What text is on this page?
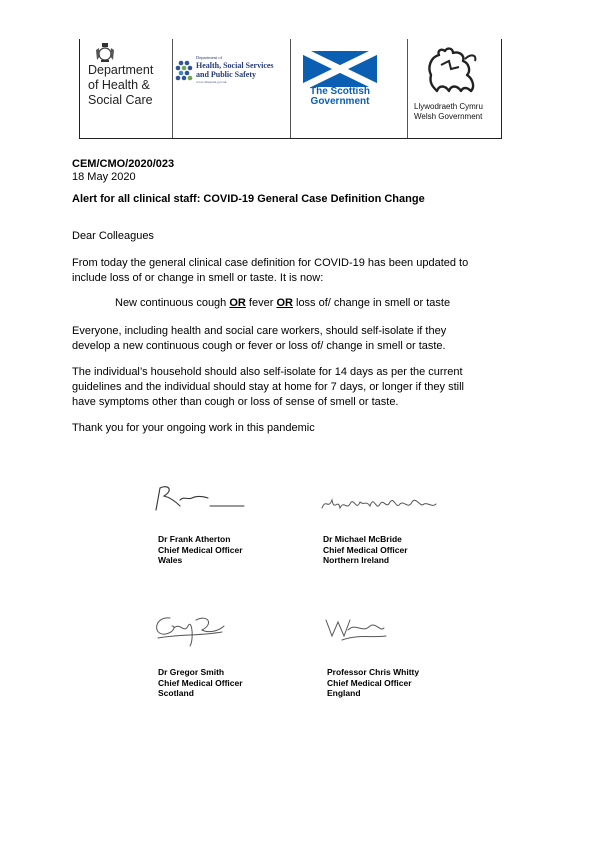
Department
of Health &
Social Care
Department of
Health, Social Services
and Public Safety
www.dhsspsni.gov.uk
The Scottish
Government	Llywodraeth Cymru
Welsh Government
CEM/CMO/2020/023
18 May 2020
Alert for all clinical staff: COVID-19 General Case Definition Change
Dear Colleagues
From today the general clinical case definition for COVID-19 has been updated to
include loss of or change in smell or taste. It is now:
New continuous cough OR fever OR loss of/ change in smell or taste
Everyone, including health and social care workers, should self-isolate if they
develop a new continuous cough or fever or loss of/ change in smell or taste.
The individual’s household should also self-isolate for 14 days as per the current
guidelines and the individual should stay at home for 7 days, or longer if they still
have symptoms other than cough or loss of sense of smell or taste.
Thank you for your ongoing work in this pandemic
Dr Frank Atherton
Chief Medical Officer
Wales
Dr Michael McBride
Chief Medical Officer
Northern Ireland
Dr Gregor Smith
Chief Medical Officer
Scotland
Professor Chris Whitty
Chief Medical Officer
England
